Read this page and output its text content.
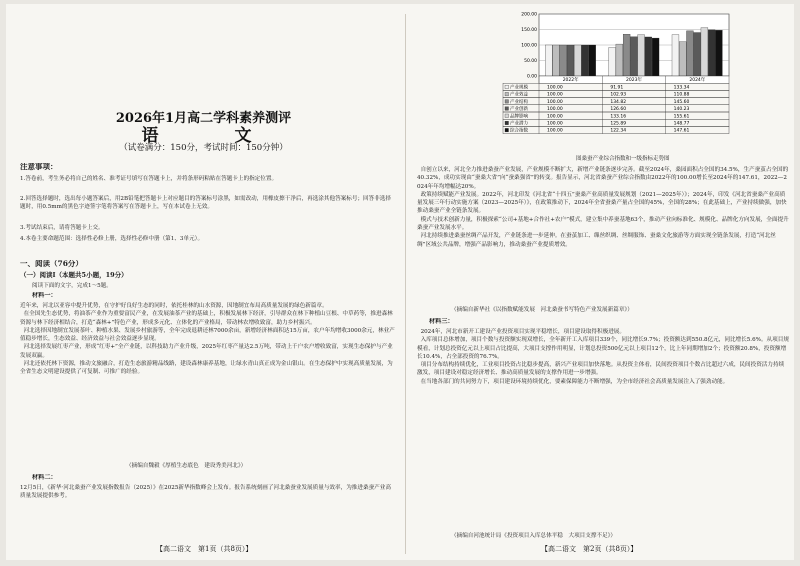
2026年1月高二学科素养测评
语　　文
（试卷满分：150分，考试时间：150分钟）
注意事项：
1.答卷前，考生务必将自己的姓名、准考证号填写在答题卡上，并将条形码粘贴在答题卡上的指定位置。
2.回答选择题时，选出每小题答案后，用2B铅笔把答题卡上对应题目的答案标号涂黑，如需改动，用橡皮擦干净后，再选涂其他答案标号；回答非选择题时，用0.5mm的黑色字迹签字笔将答案写在答题卡上，写在本试卷上无效。
3.考试结束后，请将答题卡上交。
4.本卷主要命题范围：选择性必修上册，选择性必修中册（第1、3单元）。
一、阅读（76分）
（一）阅读Ⅰ（本题共5小题，19分）
阅读下面的文字，完成1～5题。
材料一：
近年来，河北以亚容中提升优势，在守护好良好生态的同时，依托桂林的山水资源，因地制宜布局高质量发展的绿色新篇章。
在全国先生态优势，将油茶产业作为重要富民产业，在发展油茶产业的基础上，积极发展林下经济，引导群众在林下种植山豆根、中草药等，推进森林资源与林下经济相结合，打造“森林+”特色产业，形成多元化、立体化的产业格局，带动林农增收致富，助力乡村振兴。
河北选择因地制宜发展茶叶、种植水果、发展乡村旅游等，全年完成退耕还林7000余亩，新增经济林面积达15万亩，农户年均增收3000余元，林业产值稳步增长，生态效益、经济效益与社会效益逐步显现。
河北选择发展红枣产业，形成“红枣+”全产业链，以科技助力产业升级，2025年红枣产量达2.5万吨，带动上千户农户增收致富，实现生态保护与产业发展双赢。
河北还依托林下资源，推动文旅融合，打造生态旅游精品线路，建设森林康养基地，让绿水青山真正成为金山银山。在生态保护中实现高质量发展，为全省生态文明建设提供了可复制、可推广的经验。
（摘编自魏毅《厚植生态底色　建设秀美河北》）
材料二：
12月5日，《新华·河北桑蚕产业发展指数报告（2025）》在2025新华指数峰会上发布。报告系统刻画了河北桑蚕业发展质量与效率，为推进桑蚕产业高质量发展提供参考。
【高二语文　第1页（共8页）】
0.00
50.00
100.00
150.00
200.00
2022年	2023年	2024年
产业规模	100.00	91.91	133.34
产业效益	100.00	102.93	110.88
产业结构	100.00	134.82	145.60
产业创新	100.00	126.60	140.23
品牌影响	100.00	133.16	155.61
产业潜力	100.00	125.89	148.77
综合指数	100.00	122.34	147.61
图桑蚕产业综合指数和一级指标走势图
自创立以来，河北全力推进桑蚕产业发展，产业规模不断扩大，新增产业链条逐步完善。截至2024年，桑园面积占全国的34.5%，生产蚕茧占全国的40.32%，成功实现由“蚕桑大省”向“蚕桑强省”的转变。报告显示，河北省桑蚕产业综合指数由2022年的100.00增长至2024年的147.61，2022—2024年年均增幅达20%。
政策持续赋能产业发展。2022年，河北印发《河北省“十四五”蚕桑产业高质量发展规划（2021—2025年）》；2024年，印发《河北省蚕桑产业高质量发展三年行动实施方案（2023—2025年）》，在政策推动下，2024年全省蚕桑产量占全国的45%，全国的28%；在此基础上，产业持续做强，加快推动桑蚕产业全链条发展。
模式与技术创新力量，积极探索“公司+基地+合作社+农户”模式，建立集中养蚕基地63个，推动产业向标准化、规模化、品牌化方向发展，全面提升桑蚕产业发展水平。
河北持续推进桑蚕丝绸产品开发，产业链条进一步延伸。在蚕茧加工、缫丝织绸、丝绸服饰、蚕桑文化旅游等方面实现全链条发展，打造“河北丝绸”区域公共品牌，增强产品影响力，推动桑蚕产业提质增效。
（摘编自新华社《以指数赋能发展　河北桑蚕书写特色产业发展新篇章》）
材料三：
2024年，河北市新开工建设产业投资项目实现平稳增长，项目建设取得积极进展。
入库项目总体增加，项目个数与投资额实现双增长，全年新开工入库项目339个，同比增长9.7%；投资额达到550.8亿元，同比增长5.6%。从项目规模看，计划总投资亿元以上项目占比提高，大项目支撑作用明显，计划总投资500亿元以上项目12个，比上年同期增加2个；投资额20.8%，投资额增长10.4%，占全部投资的76.7%。
项目分布结构持续优化，工业项目投资占比稳步提高，新兴产业项目加快落地。从投资主体看，民间投资项目个数占比超过六成，民间投资活力持续激发，项目建设对稳定经济增长、推动高质量发展的支撑作用进一步增强。
在当地各部门的共同努力下，项目建设环境持续优化，要素保障能力不断增强，为全市经济社会高质量发展注入了强劲动能。
（摘编自河池统计局《投资项目入库总体平稳　大项目支撑不足》）
【高二语文　第2页（共8页）】
